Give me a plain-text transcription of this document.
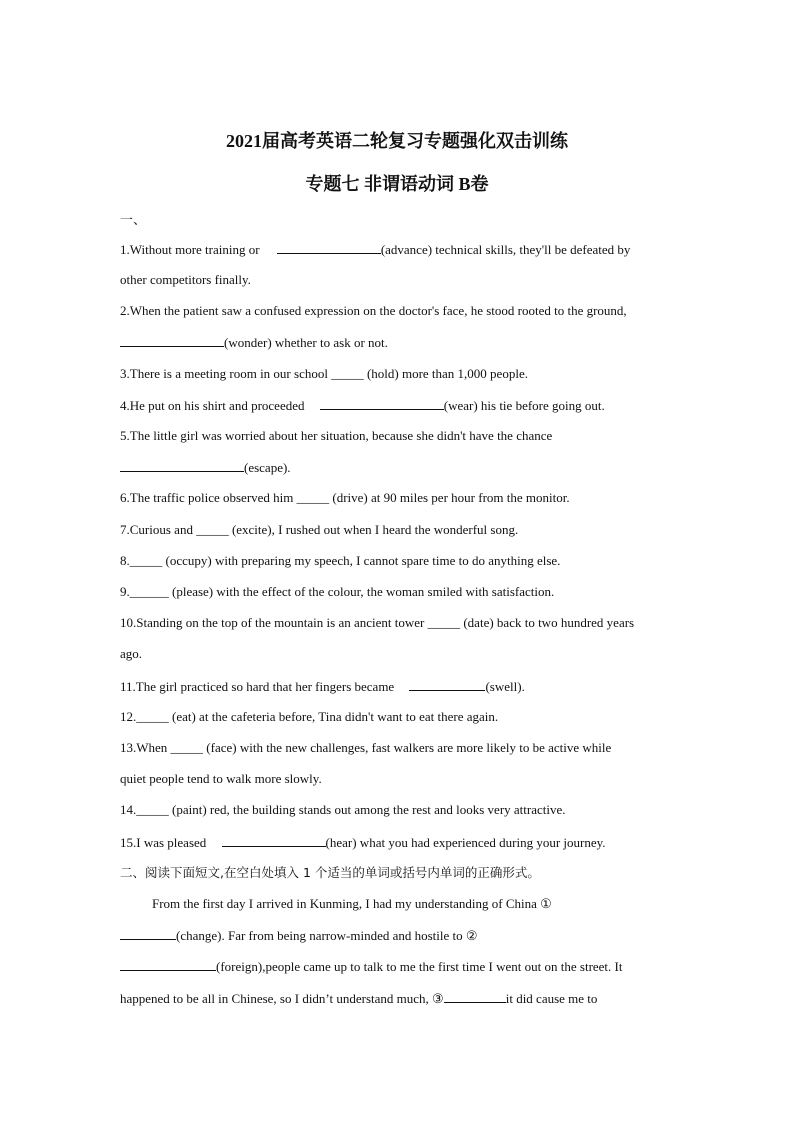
2021届高考英语二轮复习专题强化双击训练
专题七 非谓语动词 B卷
一、
1.Without more training or	(advance) technical skills, they'll be defeated by
other competitors finally.
2.When the patient saw a confused expression on the doctor's face, he stood rooted to the ground,
(wonder) whether to ask or not.
3.There is a meeting room in our school _____ (hold) more than 1,000 people.
4.He put on his shirt and proceeded	(wear) his tie before going out.
5.The little girl was worried about her situation, because she didn't have the chance
(escape).
6.The traffic police observed him _____ (drive) at 90 miles per hour from the monitor.
7.Curious and _____ (excite), I rushed out when I heard the wonderful song.
8._____ (occupy) with preparing my speech, I cannot spare time to do anything else.
9.______ (please) with the effect of the colour, the woman smiled with satisfaction.
10.Standing on the top of the mountain is an ancient tower _____ (date) back to two hundred years
ago.
11.The girl practiced so hard that her fingers became	(swell).
12._____ (eat) at the cafeteria before, Tina didn't want to eat there again.
13.When _____ (face) with the new challenges, fast walkers are more likely to be active while
quiet people tend to walk more slowly.
14._____ (paint) red, the building stands out among the rest and looks very attractive.
15.I was pleased	(hear) what you had experienced during your journey.
二、阅读下面短文,在空白处填入 1 个适当的单词或括号内单词的正确形式。
From the first day I arrived in Kunming, I had my understanding of China ①
(change). Far from being narrow-minded and hostile to ②
(foreign),people came up to talk to me the first time I went out on the street. It
happened to be all in Chinese, so I didn’t understand much, ③	it did cause me to
